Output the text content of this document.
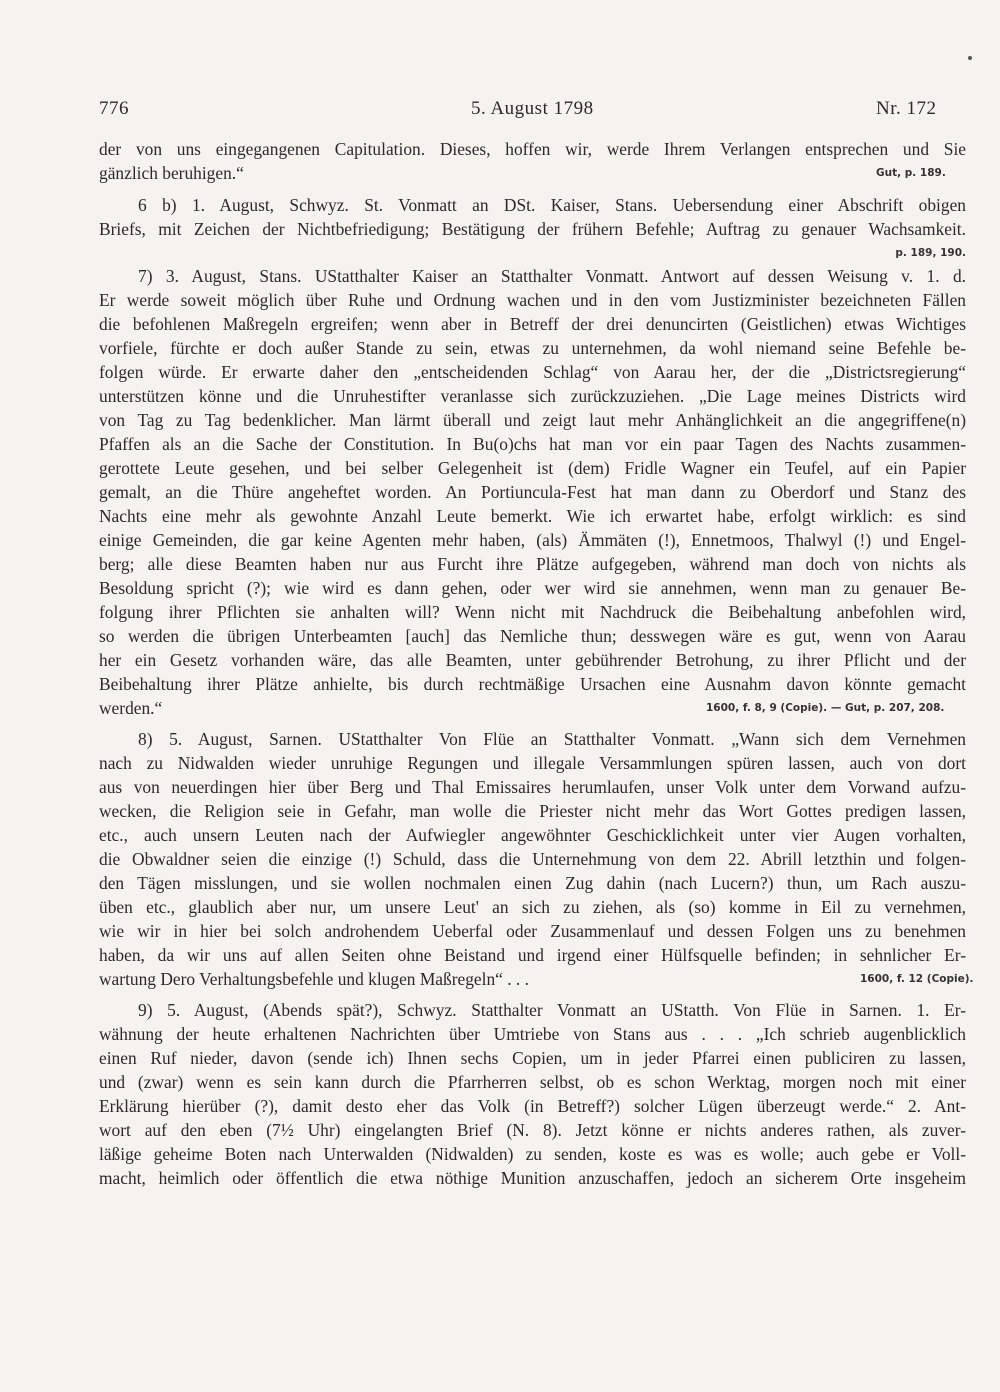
776	5. August 1798	Nr. 172
der von uns eingegangenen Capitulation. Dieses, hoffen wir, werde Ihrem Verlangen entsprechen und Sie
gänzlich beruhigen.“	Gut, p. 189.
6 b) 1. August, Schwyz. St. Vonmatt an DSt. Kaiser, Stans. Uebersendung einer Abschrift obigen
Briefs, mit Zeichen der Nichtbefriedigung; Bestätigung der frühern Befehle; Auftrag zu genauer Wachsamkeit.
p. 189, 190.
7) 3. August, Stans. UStatthalter Kaiser an Statthalter Vonmatt. Antwort auf dessen Weisung v. 1. d.
Er werde soweit möglich über Ruhe und Ordnung wachen und in den vom Justizminister bezeichneten Fällen
die befohlenen Maßregeln ergreifen; wenn aber in Betreff der drei denuncirten (Geistlichen) etwas Wichtiges
vorfiele, fürchte er doch außer Stande zu sein, etwas zu unternehmen, da wohl niemand seine Befehle be-
folgen würde. Er erwarte daher den „entscheidenden Schlag“ von Aarau her, der die „Districtsregierung“
unterstützen könne und die Unruhestifter veranlasse sich zurückzuziehen. „Die Lage meines Districts wird
von Tag zu Tag bedenklicher. Man lärmt überall und zeigt laut mehr Anhänglichkeit an die angegriffene(n)
Pfaffen als an die Sache der Constitution. In Bu(o)chs hat man vor ein paar Tagen des Nachts zusammen-
gerottete Leute gesehen, und bei selber Gelegenheit ist (dem) Fridle Wagner ein Teufel, auf ein Papier
gemalt, an die Thüre angeheftet worden. An Portiuncula-Fest hat man dann zu Oberdorf und Stanz des
Nachts eine mehr als gewohnte Anzahl Leute bemerkt. Wie ich erwartet habe, erfolgt wirklich: es sind
einige Gemeinden, die gar keine Agenten mehr haben, (als) Ämmäten (!), Ennetmoos, Thalwyl (!) und Engel-
berg; alle diese Beamten haben nur aus Furcht ihre Plätze aufgegeben, während man doch von nichts als
Besoldung spricht (?); wie wird es dann gehen, oder wer wird sie annehmen, wenn man zu genauer Be-
folgung ihrer Pflichten sie anhalten will? Wenn nicht mit Nachdruck die Beibehaltung anbefohlen wird,
so werden die übrigen Unterbeamten [auch] das Nemliche thun; desswegen wäre es gut, wenn von Aarau
her ein Gesetz vorhanden wäre, das alle Beamten, unter gebührender Betrohung, zu ihrer Pflicht und der
Beibehaltung ihrer Plätze anhielte, bis durch rechtmäßige Ursachen eine Ausnahm davon könnte gemacht
werden.“	1600, f. 8, 9 (Copie). — Gut, p. 207, 208.
8) 5. August, Sarnen. UStatthalter Von Flüe an Statthalter Vonmatt. „Wann sich dem Vernehmen
nach zu Nidwalden wieder unruhige Regungen und illegale Versammlungen spüren lassen, auch von dort
aus von neuerdingen hier über Berg und Thal Emissaires herumlaufen, unser Volk unter dem Vorwand aufzu-
wecken, die Religion seie in Gefahr, man wolle die Priester nicht mehr das Wort Gottes predigen lassen,
etc., auch unsern Leuten nach der Aufwiegler angewöhnter Geschicklichkeit unter vier Augen vorhalten,
die Obwaldner seien die einzige (!) Schuld, dass die Unternehmung von dem 22. Abrill letzthin und folgen-
den Tägen misslungen, und sie wollen nochmalen einen Zug dahin (nach Lucern?) thun, um Rach auszu-
üben etc., glaublich aber nur, um unsere Leut' an sich zu ziehen, als (so) komme in Eil zu vernehmen,
wie wir in hier bei solch androhendem Ueberfal oder Zusammenlauf und dessen Folgen uns zu benehmen
haben, da wir uns auf allen Seiten ohne Beistand und irgend einer Hülfsquelle befinden; in sehnlicher Er-
wartung Dero Verhaltungsbefehle und klugen Maßregeln“ . . .	1600, f. 12 (Copie).
9) 5. August, (Abends spät?), Schwyz. Statthalter Vonmatt an UStatth. Von Flüe in Sarnen. 1. Er-
wähnung der heute erhaltenen Nachrichten über Umtriebe von Stans aus . . . „Ich schrieb augenblicklich
einen Ruf nieder, davon (sende ich) Ihnen sechs Copien, um in jeder Pfarrei einen publiciren zu lassen,
und (zwar) wenn es sein kann durch die Pfarrherren selbst, ob es schon Werktag, morgen noch mit einer
Erklärung hierüber (?), damit desto eher das Volk (in Betreff?) solcher Lügen überzeugt werde.“ 2. Ant-
wort auf den eben (7½ Uhr) eingelangten Brief (N. 8). Jetzt könne er nichts anderes rathen, als zuver-
läßige geheime Boten nach Unterwalden (Nidwalden) zu senden, koste es was es wolle; auch gebe er Voll-
macht, heimlich oder öffentlich die etwa nöthige Munition anzuschaffen, jedoch an sicherem Orte insgeheim
